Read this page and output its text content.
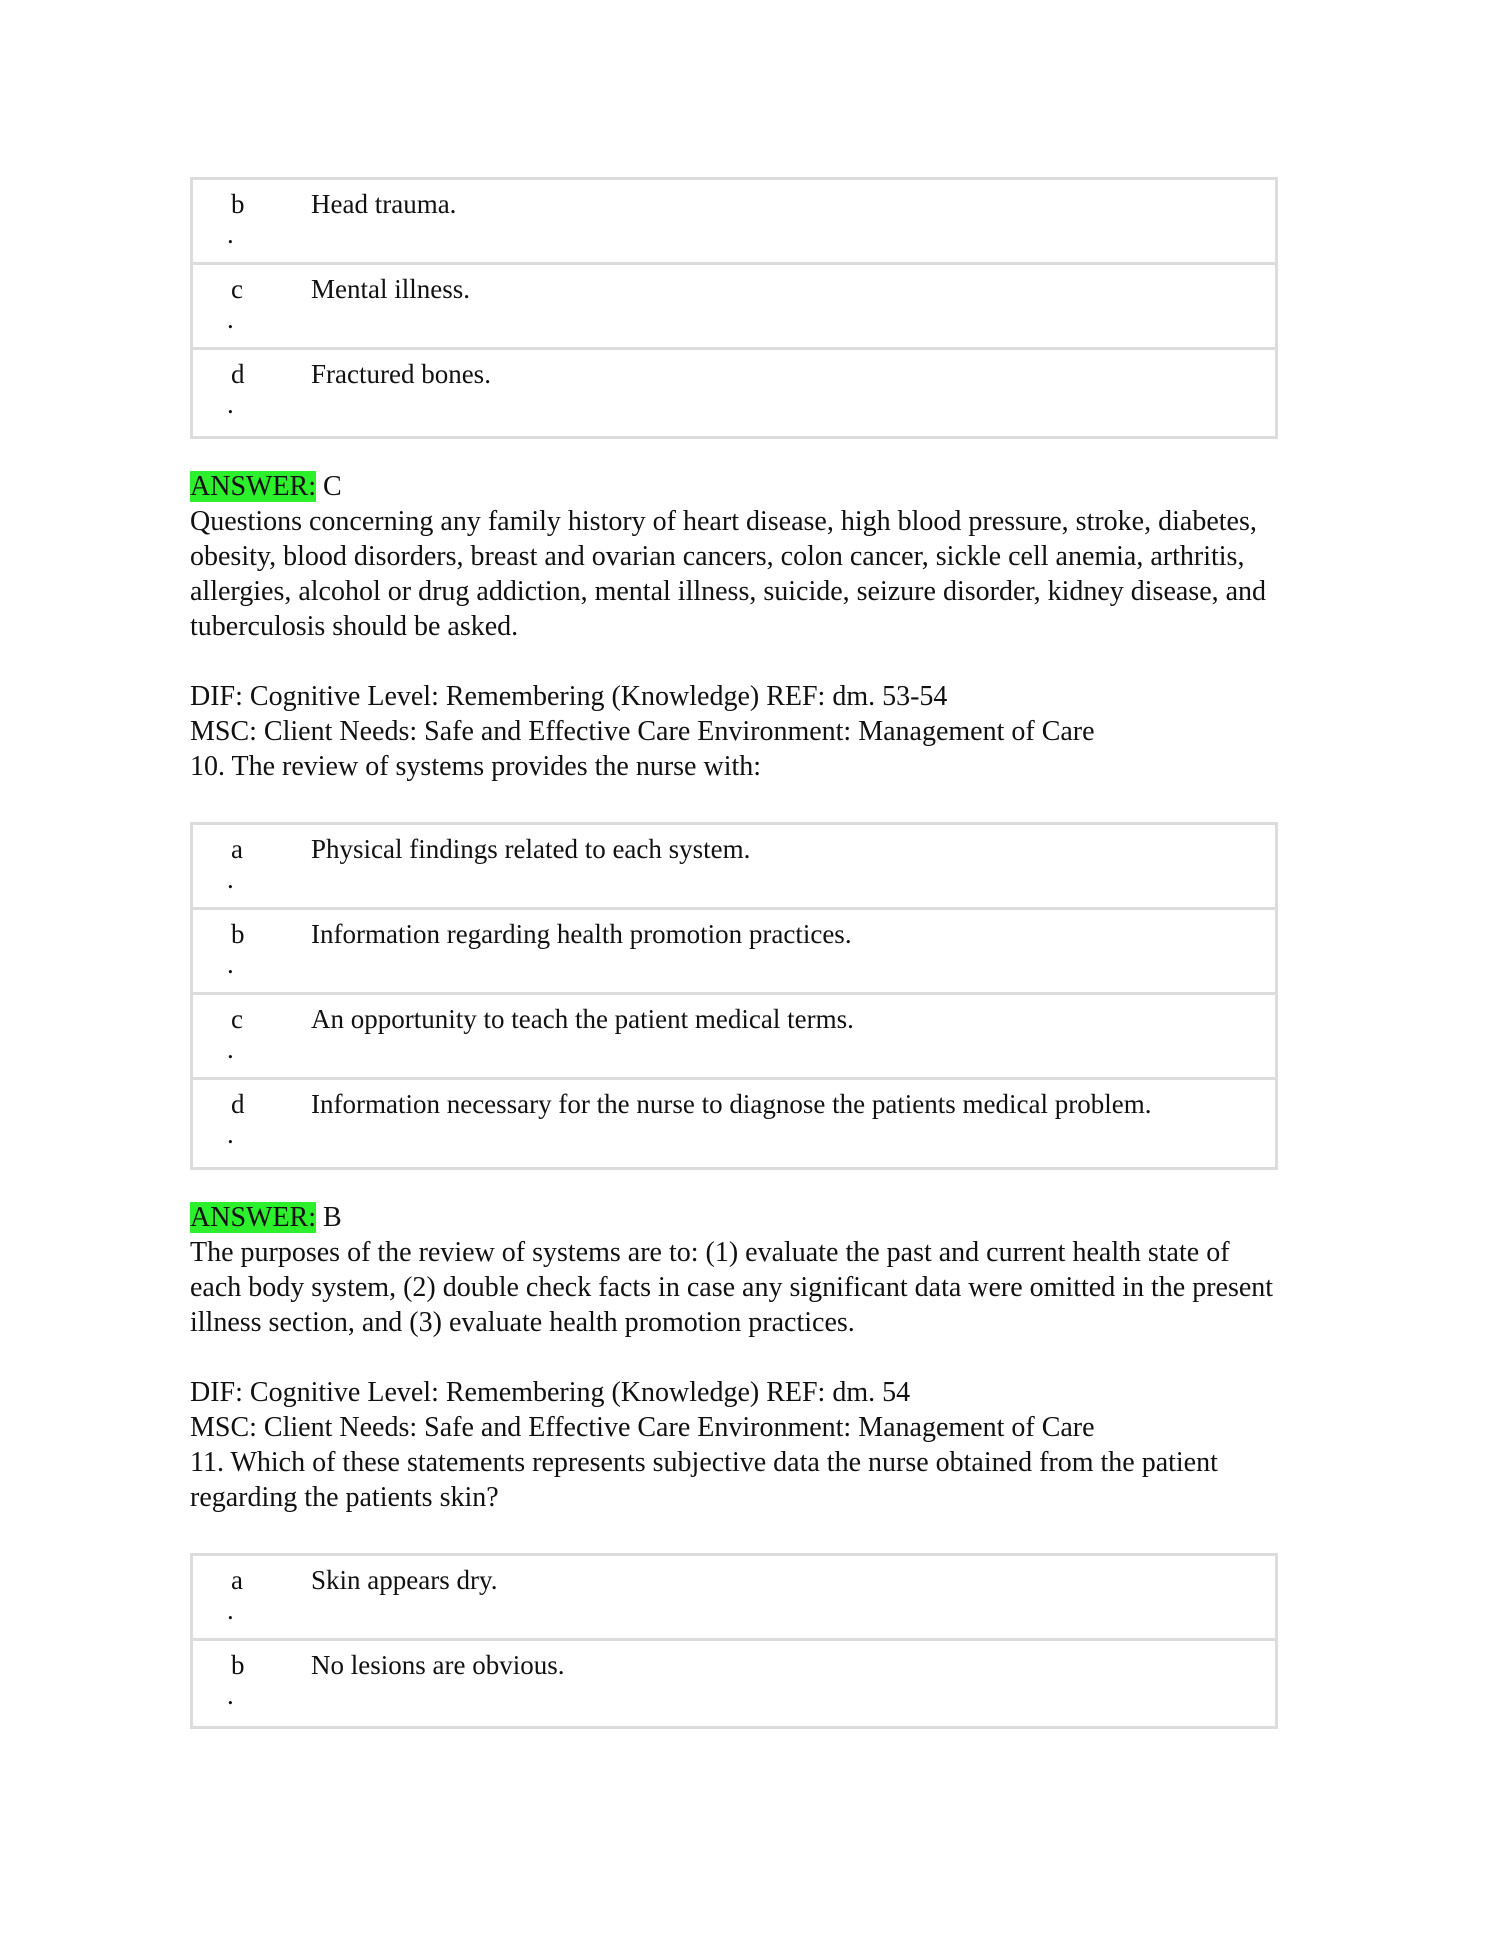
b
.
Head trauma.
c
.
Mental illness.
d
.
Fractured bones.

ANSWER: C

Questions concerning any family history of heart disease, high blood pressure, stroke, diabetes,

obesity, blood disorders, breast and ovarian cancers, colon cancer, sickle cell anemia, arthritis,

allergies, alcohol or drug addiction, mental illness, suicide, seizure disorder, kidney disease, and

tuberculosis should be asked.

DIF: Cognitive Level: Remembering (Knowledge) REF: dm. 53-54

MSC: Client Needs: Safe and Effective Care Environment: Management of Care

10. The review of systems provides the nurse with:

a
.
Physical findings related to each system.
b
.
Information regarding health promotion practices.
c
.
An opportunity to teach the patient medical terms.
d
.
Information necessary for the nurse to diagnose the patients medical problem.

ANSWER: B

The purposes of the review of systems are to: (1) evaluate the past and current health state of

each body system, (2) double check facts in case any significant data were omitted in the present

illness section, and (3) evaluate health promotion practices.

DIF: Cognitive Level: Remembering (Knowledge) REF: dm. 54

MSC: Client Needs: Safe and Effective Care Environment: Management of Care

11. Which of these statements represents subjective data the nurse obtained from the patient

regarding the patients skin?

a
.
Skin appears dry.
b
.
No lesions are obvious.
